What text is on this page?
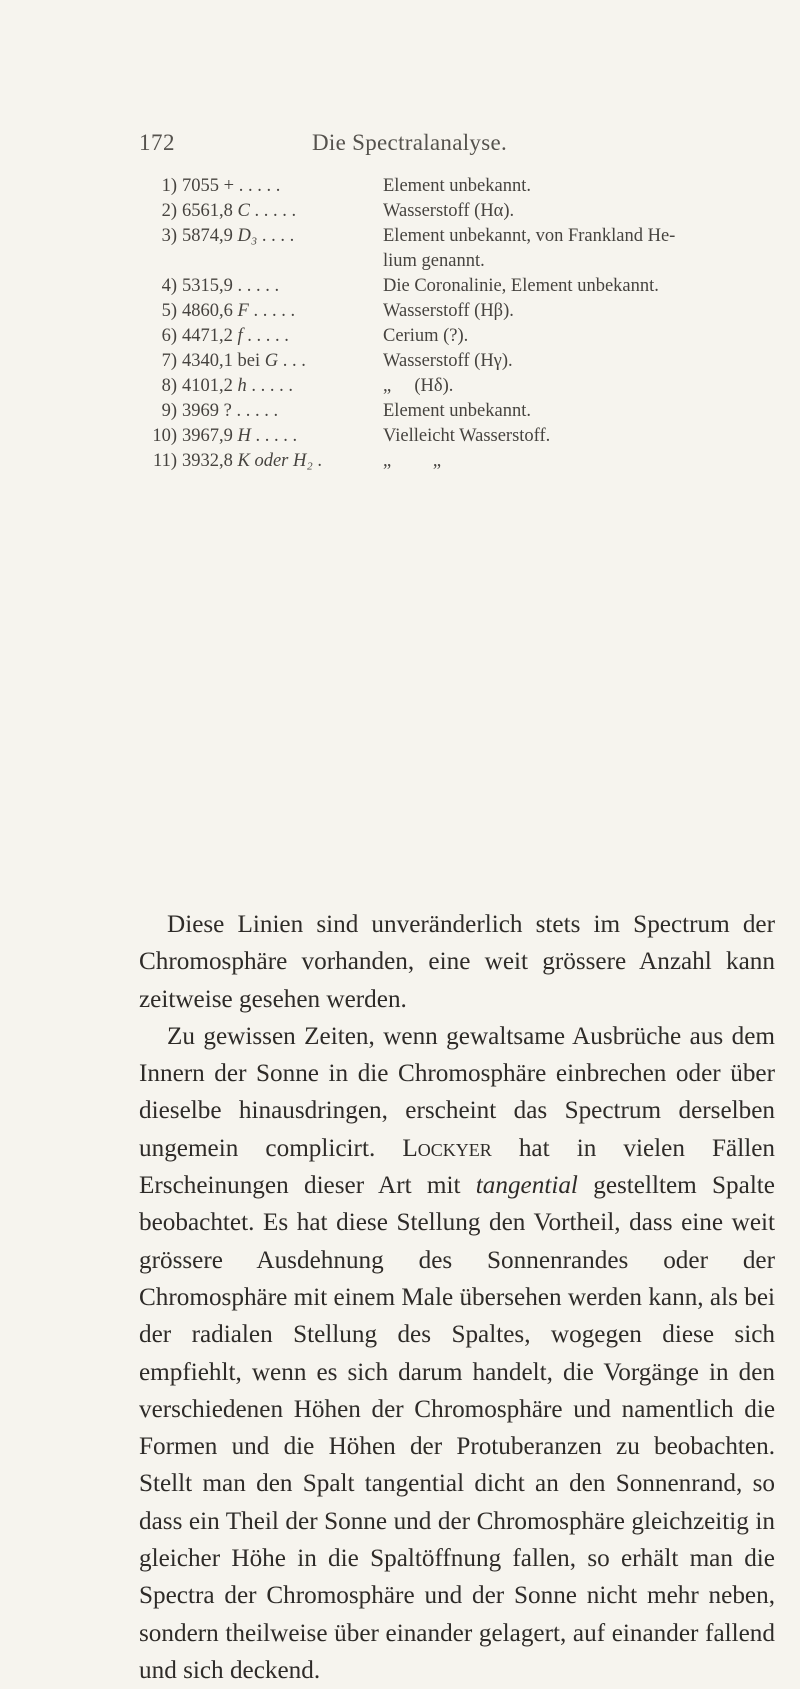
172	Die Spectralanalyse.
1) 7055 + . . . . .	Element unbekannt.
2) 6561,8 C . . . . .	Wasserstoff (Hα).
3) 5874,9 D₃ . . . .	Element unbekannt, von Frankland He-
lium genannt.
4) 5315,9 . . . . .	Die Coronalinie, Element unbekannt.
5) 4860,6 F . . . . .	Wasserstoff (Hβ).
6) 4471,2 f . . . . .	Cerium (?).
7) 4340,1 bei G . . .	Wasserstoff (Hγ).
8) 4101,2 h . . . . .	„     (Hδ).
9) 3969 ? . . . . .	Element unbekannt.
10) 3967,9 H . . . . .	Vielleicht Wasserstoff.
11) 3932,8 K oder H₂ .	„         „

Diese Linien sind unveränderlich stets im Spectrum der Chromosphäre vorhanden, eine weit grössere Anzahl kann zeitweise gesehen werden.

Zu gewissen Zeiten, wenn gewaltsame Ausbrüche aus dem Innern der Sonne in die Chromosphäre einbrechen oder über dieselbe hinausdringen, erscheint das Spectrum derselben ungemein complicirt. Lockyer hat in vielen Fällen Erscheinungen dieser Art mit tangential gestelltem Spalte beobachtet. Es hat diese Stellung den Vortheil, dass eine weit grössere Ausdehnung des Sonnenrandes oder der Chromosphäre mit einem Male übersehen werden kann, als bei der radialen Stellung des Spaltes, wogegen diese sich empfiehlt, wenn es sich darum handelt, die Vorgänge in den verschiedenen Höhen der Chromosphäre und namentlich die Formen und die Höhen der Protuberanzen zu beobachten. Stellt man den Spalt tangential dicht an den Sonnenrand, so dass ein Theil der Sonne und der Chromosphäre gleichzeitig in gleicher Höhe in die Spaltöffnung fallen, so erhält man die Spectra der Chromosphäre und der Sonne nicht mehr neben, sondern theilweise über einander gelagert, auf einander fallend und sich deckend.
